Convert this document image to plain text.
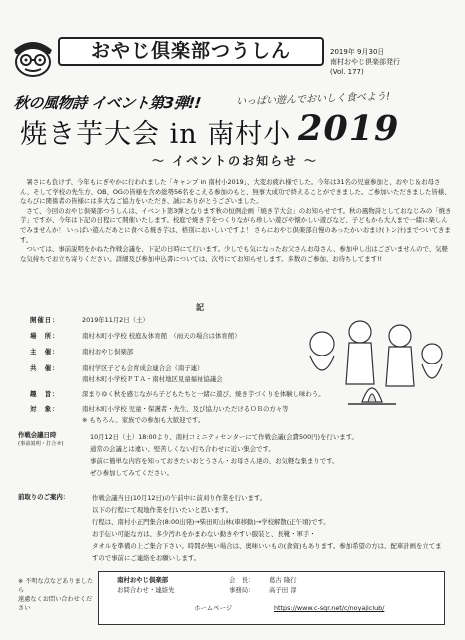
おやじ倶楽部つうしん	2019年 9月30日
南村おやじ倶楽部発行
(Vol. 177)
秋の風物詩 イベント第3弾!!	いっぱい遊んでおいしく食べよう!
焼き芋大会 in 南村小 2019
～ イベントのお知らせ ～

暑さにも負けず、今年もにぎやかに行われました「キャンプ in 南村小2019」、大変お疲れ様でした。今年は31名の児童参加と、おやじ＆お母さん、そして学校の先生方、OB、OGの皆様を含め総勢56名をこえる参加のもと、無事大成功で終えることができました。ご参加いただきました皆様、ならびに関係者の皆様には多大なご協力をいただき、誠にありがとうございました。

さて、今回のおやじ倶楽部つうしんは、イベント第3弾となります秋の恒例企画「焼き芋大会」のお知らせです。秋の風物詩としておなじみの「焼き芋」ですが、今年は下記の日程にて開催いたします。校庭で焼き芋をつくりながら珍しい遊びや懐かしい遊びなど、子どもから大人まで一緒に楽しんでみませんか！ いっぱい遊んだあとに食べる焼き芋は、格別においしいですよ！ さらにおやじ倶楽部自慢のあったかいおまけ(トン汁)までついてきます。

ついては、事前説明をかねた作戦会議を、下記の日時にて行います。少しでも気になったお父さんお母さん、参加申し出はございませんので、気軽な気持ちでお立ち寄りください。詳細及び参加申込書については、次号にてお知らせします。多数のご参加、お待ちしてます!!

記
開催日：	2019年11月2日（土）
場　所：	南村木町小学校 校庭＆体育館　（雨天の場合は体育館）
主　催：	南村おやじ倶楽部
共　催：	南村学区子ども会育成会連合会（南子連）
南村木町小学校ＰＴＡ・南村地区見童福祉協議会
趣　旨：	深まりゆく秋を感じながら子どもたちと一緒に遊び、焼き芋づくりを体験し味わう。
対　象：	南村木町小学校 児童・保護者・先生、及び協力いただけるＯＢの方々等
※ もちろん、家族での参加も大歓迎です。
作戦会議日時
(事前説明・打合せ)
10月12日（土）18:00より、南村コミニティセンターにて作戦会議(会費500円)を行います。
通常の会議とは違い、堅苦しくない打ち合わせに近い集会です。
事前に簡単な内容を知っておきたいおとうさん・お母さん達の、お気軽な集まりです。
ぜひ参加してみてください。
前取りのご案内：	作戦会議当日(10月12日)の午前中に前刈り作業を行います。
以下の行程にて現地作業を行いたいと思います。
行程は、南村小正門集合(8:00出発)→柴田町山林(車移動)→学校解散(正午頃)です。
お手伝い可能な方は、多少汚れをかまわない動きやすい服装と、長靴・軍手・
タオルを準備の上ご集合下さい。時間が無い場合は、奥味いいもの(食資)もあります。参加希望の方は、配車計画を立てますので事前にご連絡をお願いします。
※ 不明な点などありましたら
遠慮なくお問い合わせください
南村おやじ倶楽部
お問合わせ・連絡先
会　長： 葛古 隆行
事務局： 高子田 淳
ホームページ	https://www.c-sqr.net/c/noyajiclub/
